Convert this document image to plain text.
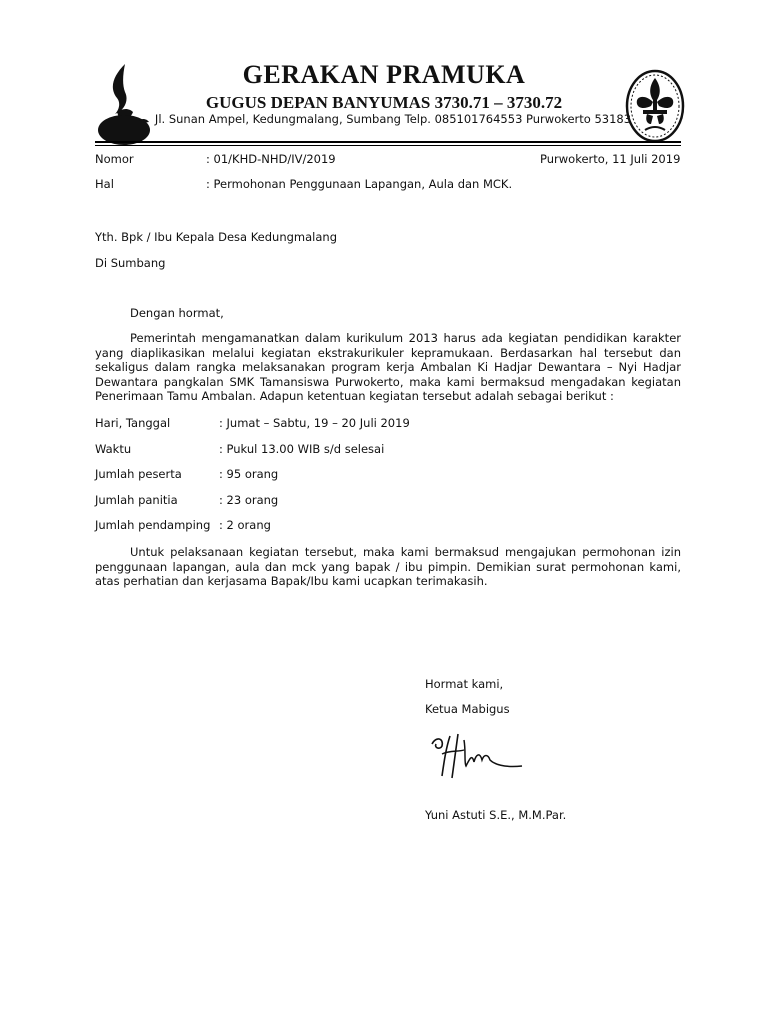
GERAKAN PRAMUKA
GUGUS DEPAN BANYUMAS 3730.71 – 3730.72
Jl. Sunan Ampel, Kedungmalang, Sumbang Telp. 085101764553 Purwokerto 53183
Nomor	: 01/KHD-NHD/IV/2019	Purwokerto, 11 Juli 2019
Hal	: Permohonan Penggunaan Lapangan, Aula dan MCK.
Yth. Bpk / Ibu Kepala Desa Kedungmalang
Di Sumbang
Dengan hormat,
Pemerintah mengamanatkan dalam kurikulum 2013 harus ada kegiatan pendidikan karakter yang diaplikasikan melalui kegiatan ekstrakurikuler kepramukaan. Berdasarkan hal tersebut dan sekaligus dalam rangka melaksanakan program kerja Ambalan Ki Hadjar Dewantara – Nyi Hadjar Dewantara pangkalan SMK Tamansiswa Purwokerto, maka kami bermaksud mengadakan kegiatan Penerimaan Tamu Ambalan. Adapun ketentuan kegiatan tersebut adalah sebagai berikut :
Hari, Tanggal	: Jumat – Sabtu, 19 – 20 Juli 2019
Waktu	: Pukul 13.00 WIB s/d selesai
Jumlah peserta	: 95 orang
Jumlah panitia	: 23 orang
Jumlah pendamping : 2 orang
Untuk pelaksanaan kegiatan tersebut, maka kami bermaksud mengajukan permohonan izin penggunaan lapangan, aula dan mck yang bapak / ibu pimpin. Demikian surat permohonan kami, atas perhatian dan kerjasama Bapak/Ibu kami ucapkan terimakasih.
Hormat kami,
Ketua Mabigus
Yuni Astuti S.E., M.M.Par.
